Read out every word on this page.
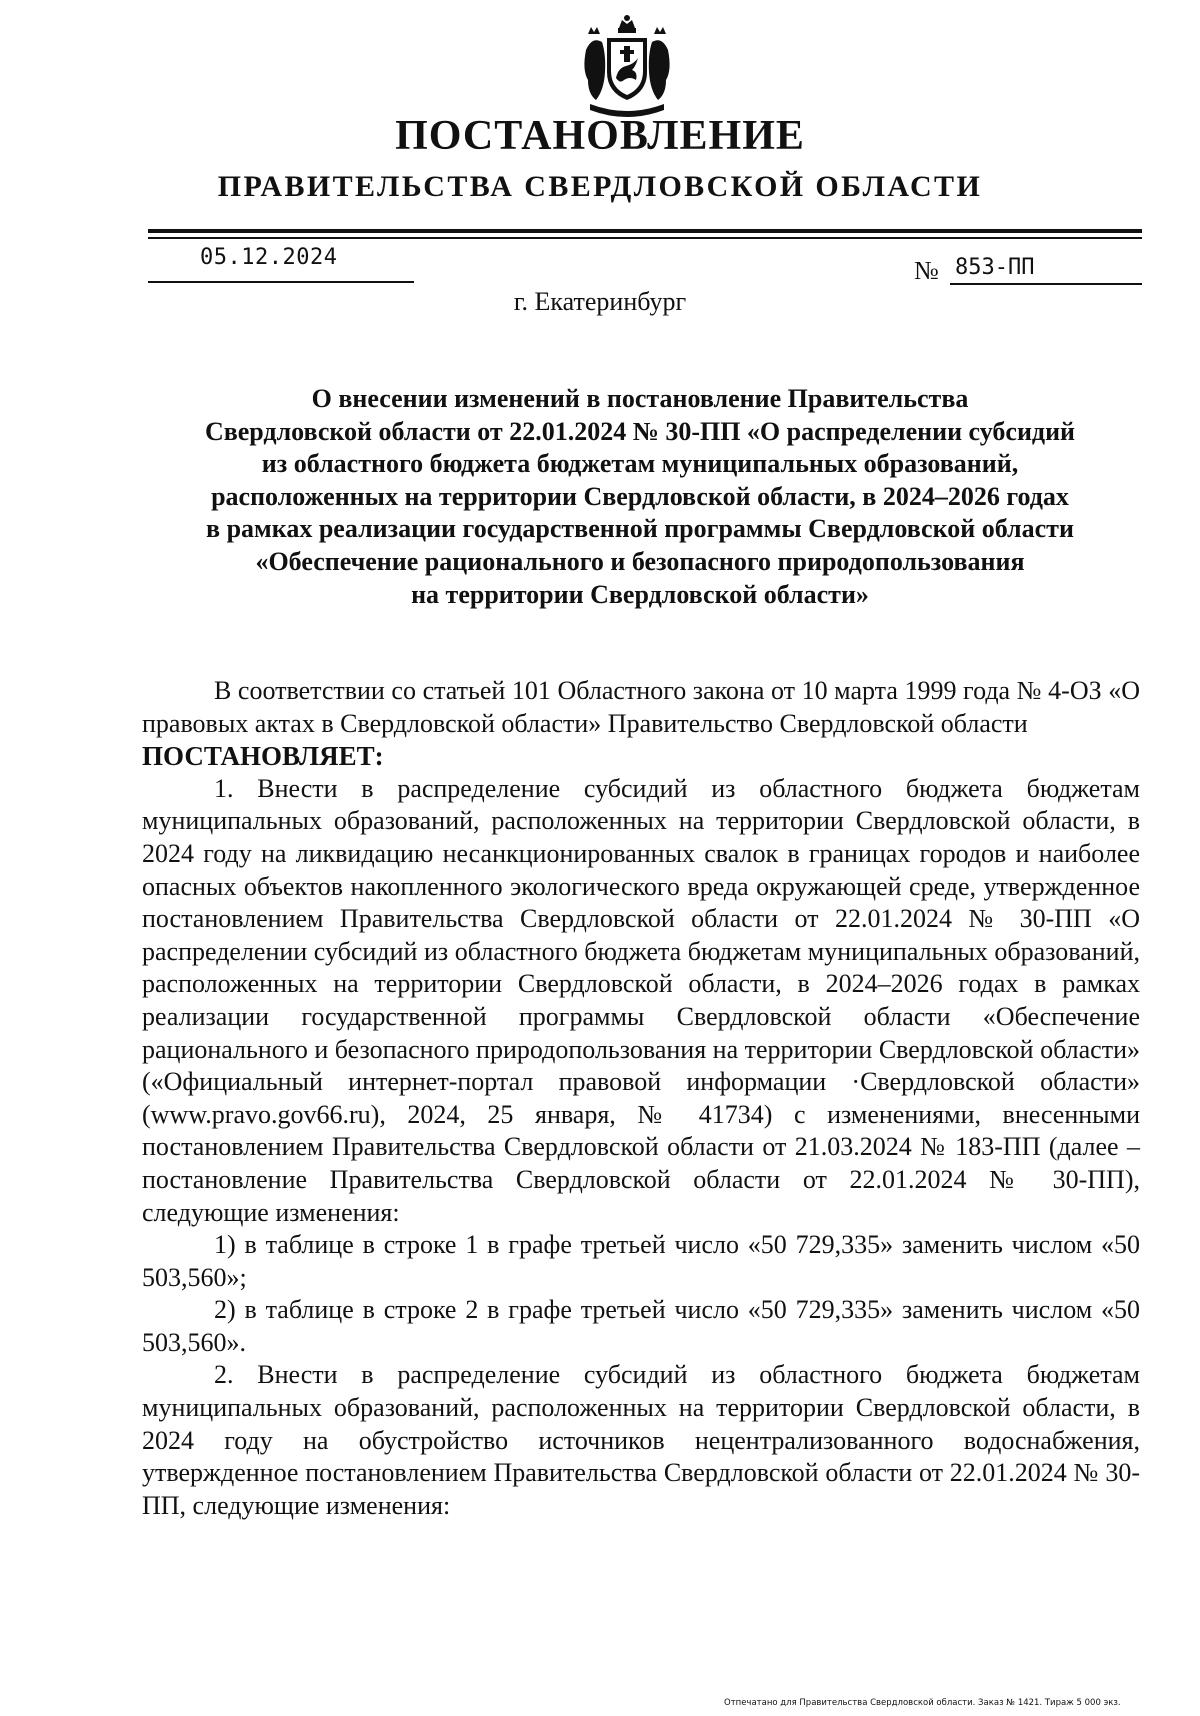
ПОСТАНОВЛЕНИЕ
ПРАВИТЕЛЬСТВА СВЕРДЛОВСКОЙ ОБЛАСТИ
05.12.2024	№ 853-ПП
г. Екатеринбург
О внесении изменений в постановление Правительства
Свердловской области от 22.01.2024 № 30-ПП «О распределении субсидий
из областного бюджета бюджетам муниципальных образований,
расположенных на территории Свердловской области, в 2024–2026 годах
в рамках реализации государственной программы Свердловской области
«Обеспечение рационального и безопасного природопользования
на территории Свердловской области»

В соответствии со статьей 101 Областного закона от 10 марта 1999 года № 4-ОЗ «О правовых актах в Свердловской области» Правительство Свердловской области

ПОСТАНОВЛЯЕТ:

1. Внести в распределение субсидий из областного бюджета бюджетам муниципальных образований, расположенных на территории Свердловской области, в 2024 году на ликвидацию несанкционированных свалок в границах городов и наиболее опасных объектов накопленного экологического вреда окружающей среде, утвержденное постановлением Правительства Свердловской области от 22.01.2024 № 30-ПП «О распределении субсидий из областного бюджета бюджетам муниципальных образований, расположенных на территории Свердловской области, в 2024–2026 годах в рамках реализации государственной программы Свердловской области «Обеспечение рационального и безопасного природопользования на территории Свердловской области» («Официальный интернет-портал правовой информации ·Свердловской области» (www.pravo.gov66.ru), 2024, 25 января, № 41734) с изменениями, внесенными постановлением Правительства Свердловской области от 21.03.2024 № 183-ПП (далее – постановление Правительства Свердловской области от 22.01.2024 № 30-ПП), следующие изменения:

1) в таблице в строке 1 в графе третьей число «50 729,335» заменить числом «50 503,560»;

2) в таблице в строке 2 в графе третьей число «50 729,335» заменить числом «50 503,560».

2. Внести в распределение субсидий из областного бюджета бюджетам муниципальных образований, расположенных на территории Свердловской области, в 2024 году на обустройство источников нецентрализованного водоснабжения, утвержденное постановлением Правительства Свердловской области от 22.01.2024 № 30-ПП, следующие изменения:

Отпечатано для Правительства Свердловской области. Заказ № 1421. Тираж 5 000 экз.
